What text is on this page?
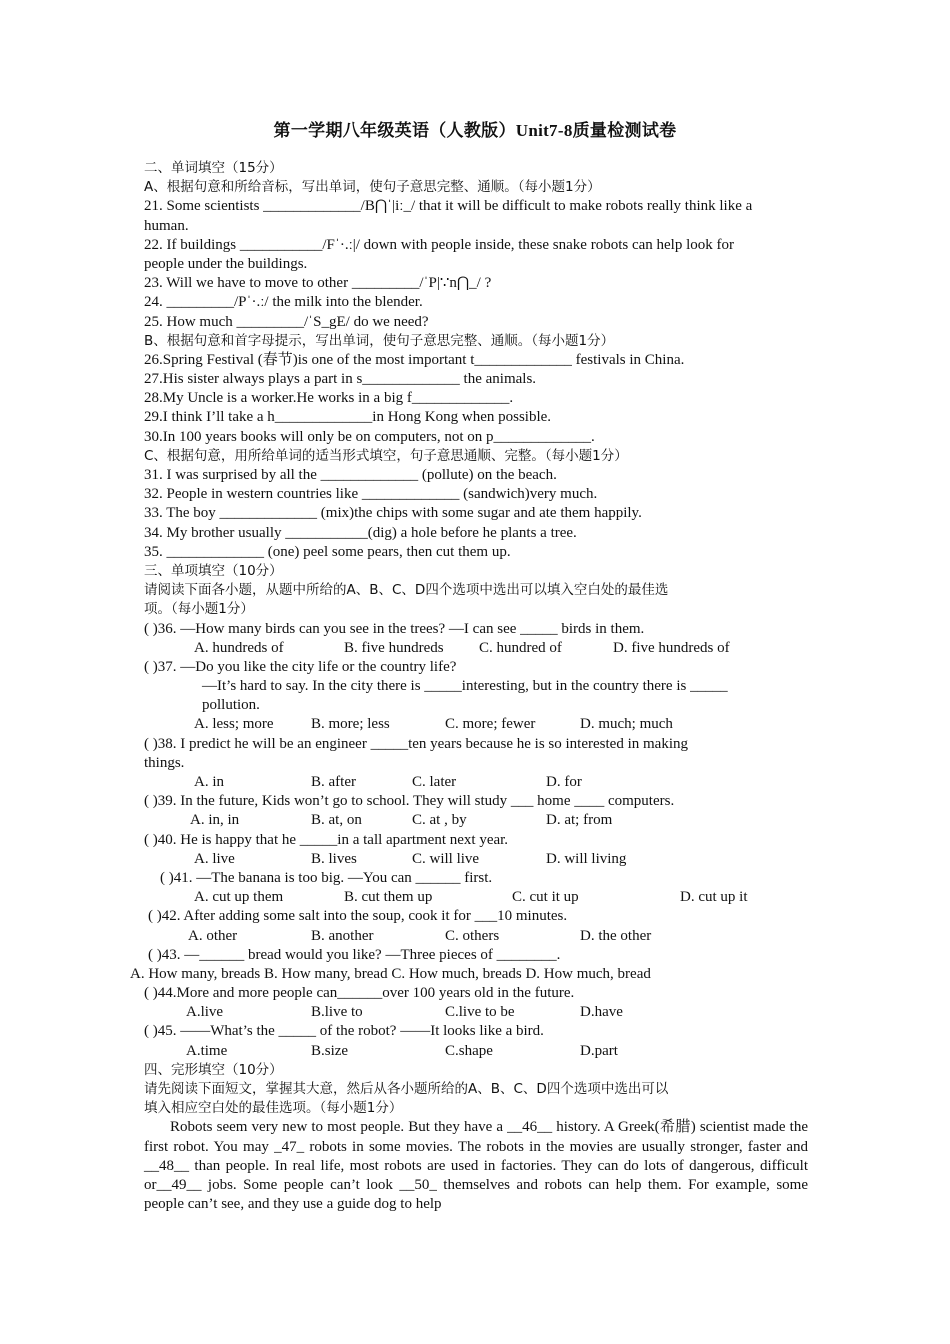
第一学期八年级英语（人教版）Unit7-8质量检测试卷
二、单词填空（15分）
A、根据句意和所给音标，写出单词，使句子意思完整、通顺。（每小题1分）
21. Some scientists _____________/B⋂ˈ|iː_/ that it will be difficult to make robots really think like a
human.
22. If buildings ___________/Fˈ·.ː|/ down with people inside, these snake robots can help look for
people under the buildings.
23. Will we have to move to other _________/ˈP|∵n⋂_/ ?
24. _________/Pˈ·.ː/ the milk into the blender.
25. How much _________/ˈS_gE/ do we need?
B、根据句意和首字母提示，写出单词，使句子意思完整、通顺。（每小题1分）
26.Spring Festival (春节)is one of the most important t_____________ festivals in China.
27.His sister always plays a part in s_____________ the animals.
28.My Uncle is a worker.He works in a big f_____________.
29.I think I’ll take a h_____________in Hong Kong when possible.
30.In 100 years books will only be on computers, not on p_____________.
C、根据句意，用所给单词的适当形式填空，句子意思通顺、完整。（每小题1分）
31. I was surprised by all the _____________ (pollute) on the beach.
32. People in western countries like _____________ (sandwich)very much.
33. The boy _____________ (mix)the chips with some sugar and ate them happily.
34. My brother usually ___________(dig) a hole before he plants a tree.
35. _____________ (one) peel some pears, then cut them up.
三、单项填空（10分）
请阅读下面各小题，从题中所给的A、B、C、D四个选项中选出可以填入空白处的最佳选
项。（每小题1分）
( )36. —How many birds can you see in the trees? —I can see _____ birds in them.
A. hundreds of	B. five hundreds C. hundred of	D. five hundreds of
( )37. —Do you like the city life or the country life?
—It’s hard to say. In the city there is _____interesting, but in the country there is _____
pollution.
A. less; more B. more; less	C. more; fewer	D. much; much
( )38. I predict he will be an engineer _____ten years because he is so interested in making
things.
A. in	B. after	C. later	D. for
( )39. In the future, Kids won’t go to school. They will study ___ home ____ computers.
A. in, in	B. at, on	C. at , by	D. at; from
( )40. He is happy that he _____in a tall apartment next year.
A. live	B. lives	C. will live	D. will living
( )41. —The banana is too big. —You can ______ first.
A. cut up them	B. cut them up	C. cut it up	D. cut up it
( )42. After adding some salt into the soup, cook it for ___10 minutes.
A. other	B. another	C. others	D. the other
( )43. —______ bread would you like? —Three pieces of ________.
A. How many, breads B. How many, bread C. How much, breads D. How much, bread
( )44.More and more people can______over 100 years old in the future.
A.live	B.live to	C.live to be	D.have
( )45. ——What’s the _____ of the robot? ——It looks like a bird.
A.time	B.size	C.shape	D.part
四、完形填空（10分）
请先阅读下面短文，掌握其大意，然后从各小题所给的A、B、C、D四个选项中选出可以
填入相应空白处的最佳选项。（每小题1分）
Robots seem very new to most people. But they have a __46__ history. A Greek(希腊) scientist made the first robot. You may _47_ robots in some movies. The robots in the movies are usually stronger, faster and __48__ than people. In real life, most robots are used in factories. They can do lots of dangerous, difficult or__49__ jobs. Some people can’t look __50_ themselves and robots can help them. For example, some people can’t see, and they use a guide dog to help
